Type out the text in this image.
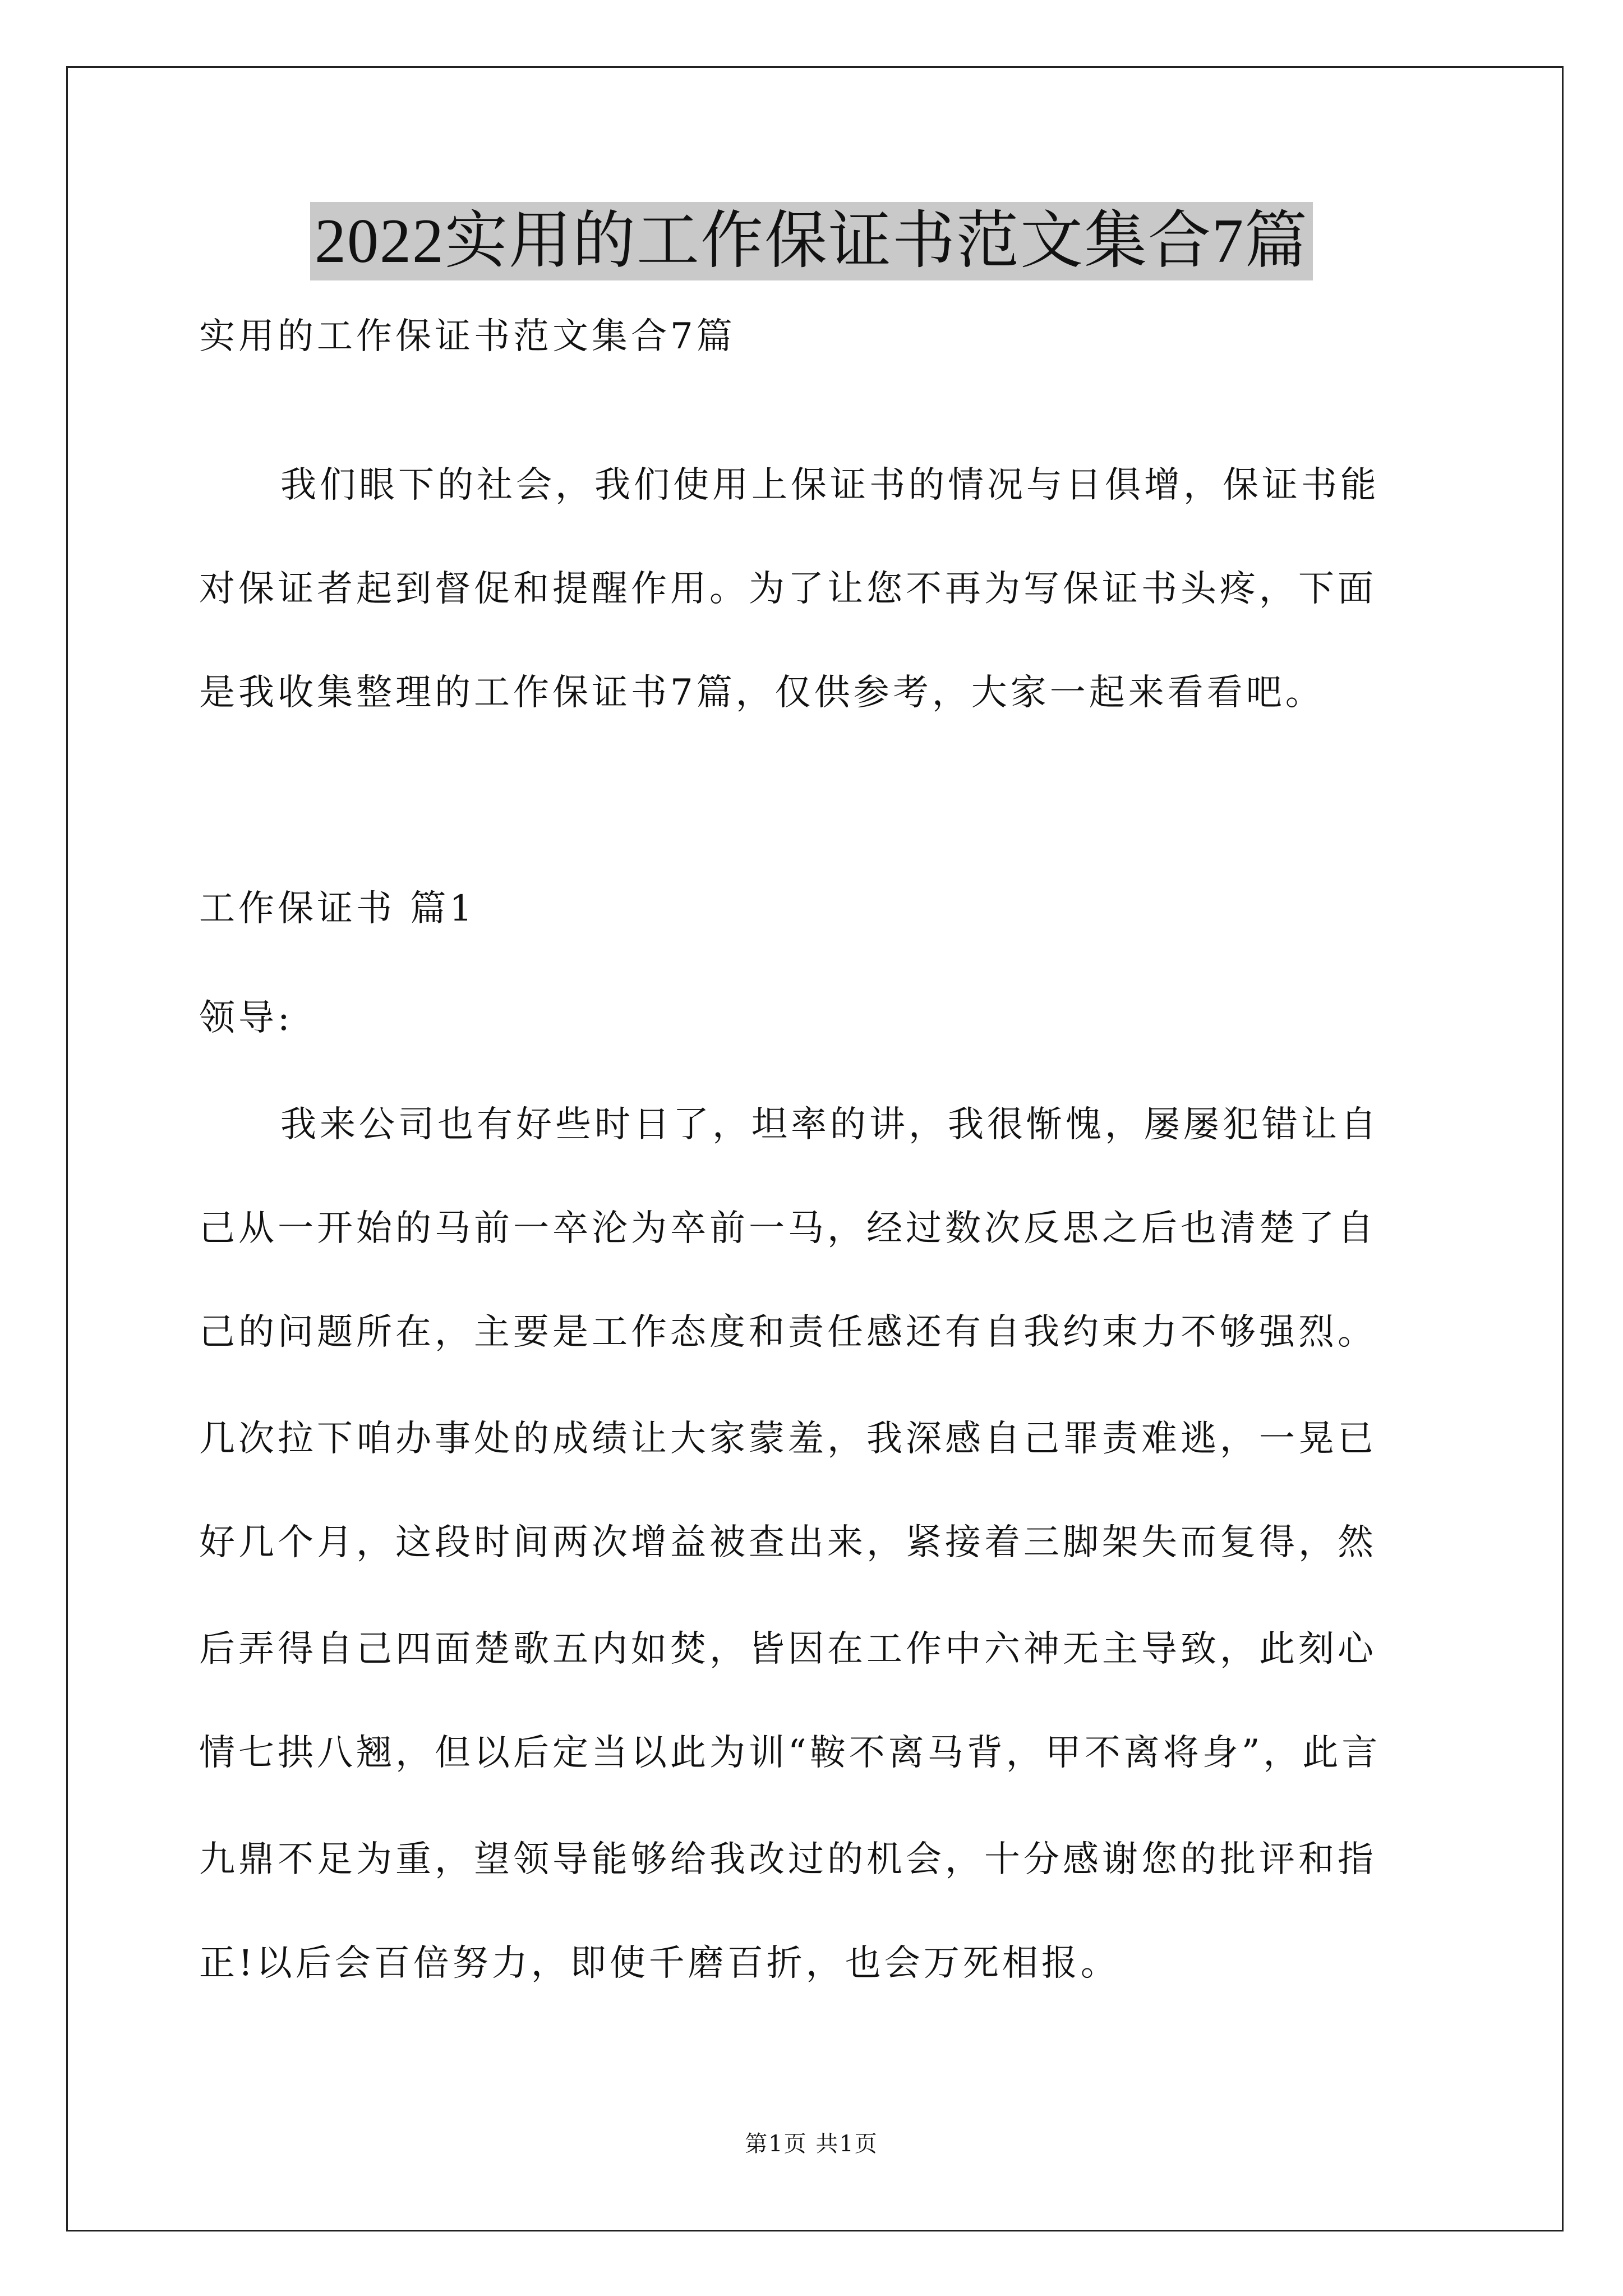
2022实用的工作保证书范文集合7篇
实用的工作保证书范文集合7篇
我们眼下的社会，我们使用上保证书的情况与日俱增，保证书能
对保证者起到督促和提醒作用。为了让您不再为写保证书头疼，下面
是我收集整理的工作保证书7篇，仅供参考，大家一起来看看吧。
工作保证书 篇1
领导:
我来公司也有好些时日了，坦率的讲，我很惭愧，屡屡犯错让自
己从一开始的马前一卒沦为卒前一马，经过数次反思之后也清楚了自
己的问题所在，主要是工作态度和责任感还有自我约束力不够强烈。
几次拉下咱办事处的成绩让大家蒙羞，我深感自己罪责难逃，一晃已
好几个月，这段时间两次增益被查出来，紧接着三脚架失而复得，然
后弄得自己四面楚歌五内如焚，皆因在工作中六神无主导致，此刻心
情七拱八翘，但以后定当以此为训“鞍不离马背，甲不离将身”，此言
九鼎不足为重，望领导能够给我改过的机会，十分感谢您的批评和指
正!以后会百倍努力，即使千磨百折，也会万死相报。
第1页 共1页
